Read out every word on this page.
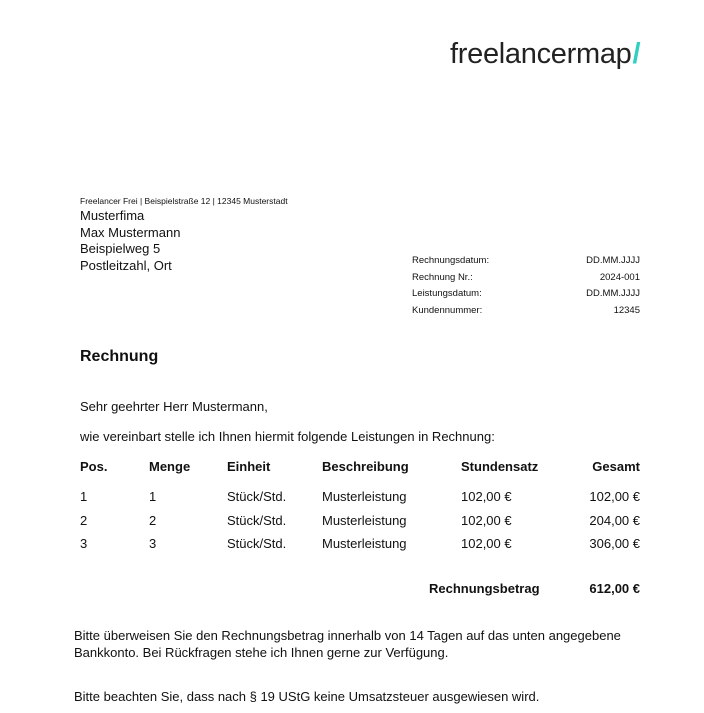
freelancermap/
Freelancer Frei | Beispielstraße 12 | 12345 Musterstadt
Musterfima
Max Mustermann
Beispielweg 5
Postleitzahl, Ort	Rechnungsdatum:	DD.MM.JJJJ
Rechnung Nr.:	2024-001
Leistungsdatum:	DD.MM.JJJJ
Kundennummer:	12345
Rechnung
Sehr geehrter Herr Mustermann,
wie vereinbart stelle ich Ihnen hiermit folgende Leistungen in Rechnung:
Pos.	Menge	Einheit	Beschreibung	Stundensatz	Gesamt
1	1	Stück/Std.	Musterleistung	102,00 €	102,00 €
2	2	Stück/Std.	Musterleistung	102,00 €	204,00 €
3	3	Stück/Std.	Musterleistung	102,00 €	306,00 €
Rechnungsbetrag	612,00 €
Bitte überweisen Sie den Rechnungsbetrag innerhalb von 14 Tagen auf das unten angegebene Bankkonto. Bei Rückfragen stehe ich Ihnen gerne zur Verfügung.
Bitte beachten Sie, dass nach § 19 UStG keine Umsatzsteuer ausgewiesen wird.
